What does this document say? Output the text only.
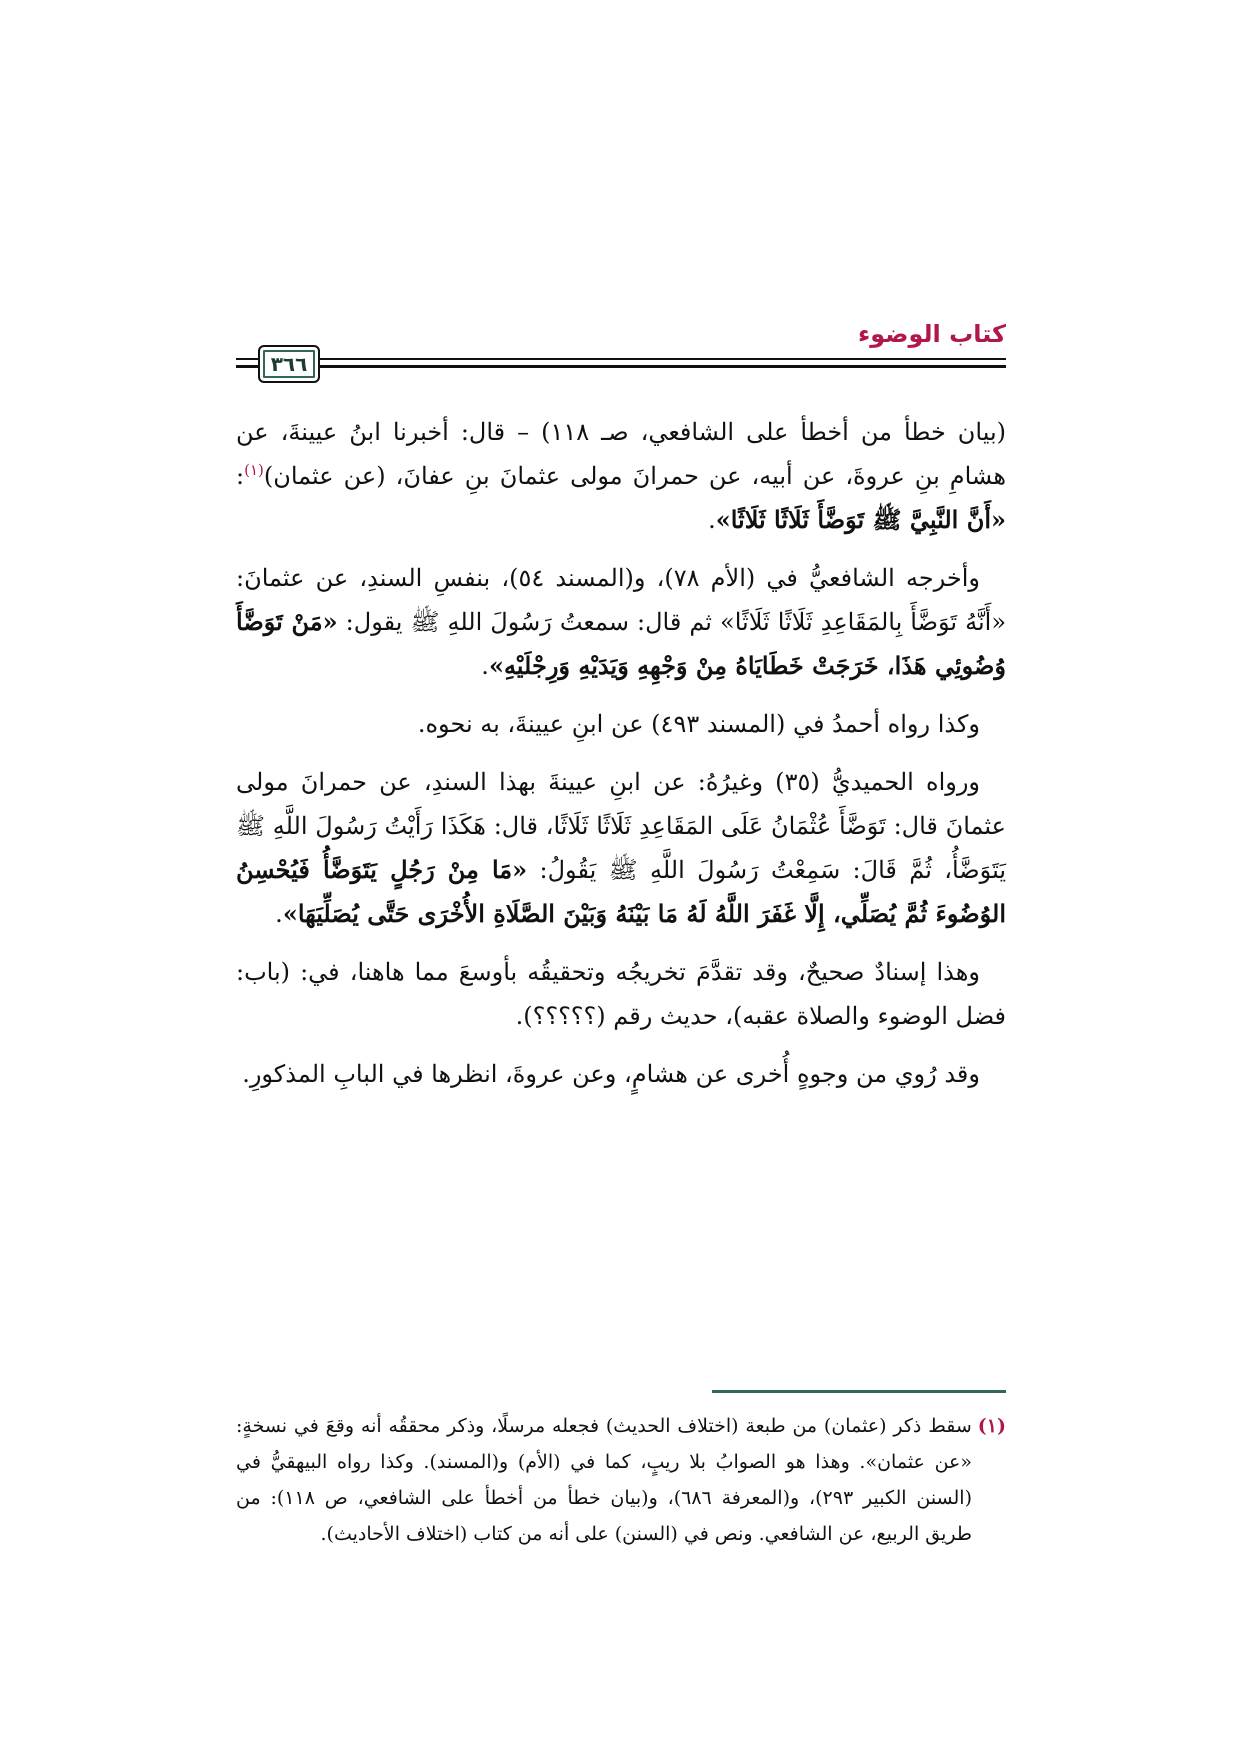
كتاب الوضوء
٣٦٦

(بيان خطأ من أخطأ على الشافعي، صـ ١١٨) – قال: أخبرنا ابنُ عيينةَ، عن هشامِ بنِ عروةَ، عن أبيه، عن حمرانَ مولى عثمانَ بنِ عفانَ، (عن عثمان)$^{(١)}$: «أَنَّ النَّبِيَّ ﷺ تَوَضَّأَ ثَلَاثًا ثَلَاثًا».

وأخرجه الشافعيُّ في (الأم ٧٨)، و(المسند ٥٤)، بنفسِ السندِ، عن عثمانَ: «أَنَّهُ تَوَضَّأَ بِالمَقَاعِدِ ثَلَاثًا ثَلَاثًا» ثم قال: سمعتُ رَسُولَ اللهِ ﷺ يقول: «مَنْ تَوَضَّأَ وُضُوئِي هَذَا، خَرَجَتْ خَطَايَاهُ مِنْ وَجْهِهِ وَيَدَيْهِ وَرِجْلَيْهِ».

وكذا رواه أحمدُ في (المسند ٤٩٣) عن ابنِ عيينةَ، به نحوه.

ورواه الحميديُّ (٣٥) وغيرُهُ: عن ابنِ عيينةَ بهذا السندِ، عن حمرانَ مولى عثمانَ قال: تَوَضَّأَ عُثْمَانُ عَلَى المَقَاعِدِ ثَلَاثًا ثَلَاثًا، قال: هَكَذَا رَأَيْتُ رَسُولَ اللَّهِ ﷺ يَتَوَضَّأُ، ثُمَّ قَالَ: سَمِعْتُ رَسُولَ اللَّهِ ﷺ يَقُولُ: «مَا مِنْ رَجُلٍ يَتَوَضَّأُ فَيُحْسِنُ الوُضُوءَ ثُمَّ يُصَلِّي، إِلَّا غَفَرَ اللَّهُ لَهُ مَا بَيْنَهُ وَبَيْنَ الصَّلَاةِ الأُخْرَى حَتَّى يُصَلِّيَهَا».

وهذا إسنادٌ صحيحٌ، وقد تقدَّمَ تخريجُه وتحقيقُه بأوسعَ مما هاهنا، في: (باب: فضل الوضوء والصلاة عقبه)، حديث رقم (؟؟؟؟؟).

وقد رُوي من وجوهٍ أُخرى عن هشامٍ، وعن عروةَ، انظرها في البابِ المذكورِ.

(١)سقط ذكر (عثمان) من طبعة (اختلاف الحديث) فجعله مرسلًا، وذكر محققُه أنه وقعَ في نسخةٍ: «عن عثمان». وهذا هو الصوابُ بلا ريبٍ، كما في (الأم) و(المسند). وكذا رواه البيهقيُّ في (السنن الكبير ٢٩٣)، و(المعرفة ٦٨٦)، و(بيان خطأ من أخطأ على الشافعي، ص ١١٨): من طريق الربيع، عن الشافعي. ونص في (السنن) على أنه من كتاب (اختلاف الأحاديث).
